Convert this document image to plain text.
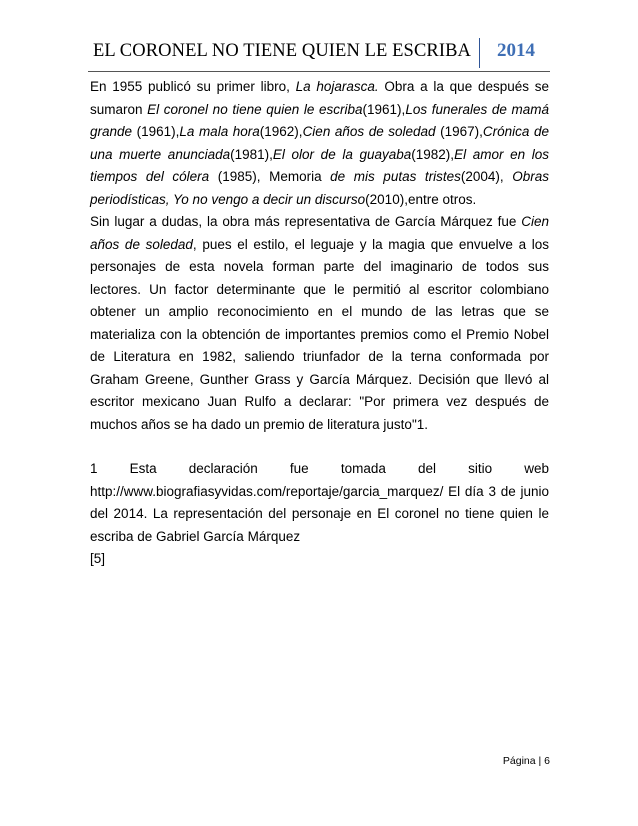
EL CORONEL NO TIENE QUIEN LE ESCRIBA	2014

En 1955 publicó su primer libro, La hojarasca. Obra a la que después se sumaron El coronel no tiene quien le escriba(1961),Los funerales de mamá grande (1961),La mala hora(1962),Cien años de soledad (1967),Crónica de una muerte anunciada(1981),El olor de la guayaba(1982),El amor en los tiempos del cólera (1985), Memoria de mis putas tristes(2004), Obras periodísticas, Yo no vengo a decir un discurso(2010),entre otros.

Sin lugar a dudas, la obra más representativa de García Márquez fue Cien años de soledad, pues el estilo, el leguaje y la magia que envuelve a los personajes de esta novela forman parte del imaginario de todos sus lectores. Un factor determinante que le permitió al escritor colombiano obtener un amplio reconocimiento en el mundo de las letras que se materializa con la obtención de importantes premios como el Premio Nobel de Literatura en 1982, saliendo triunfador de la terna conformada por Graham Greene, Gunther Grass y García Márquez. Decisión que llevó al escritor mexicano Juan Rulfo a declarar: "Por primera vez después de muchos años se ha dado un premio de literatura justo"1.

1 Esta declaración fue tomada del sitio web http://www.biografiasyvidas.com/reportaje/garcia_marquez/ El día 3 de junio del 2014. La representación del personaje en El coronel no tiene quien le escriba de Gabriel García Márquez

[5]

Página | 6
